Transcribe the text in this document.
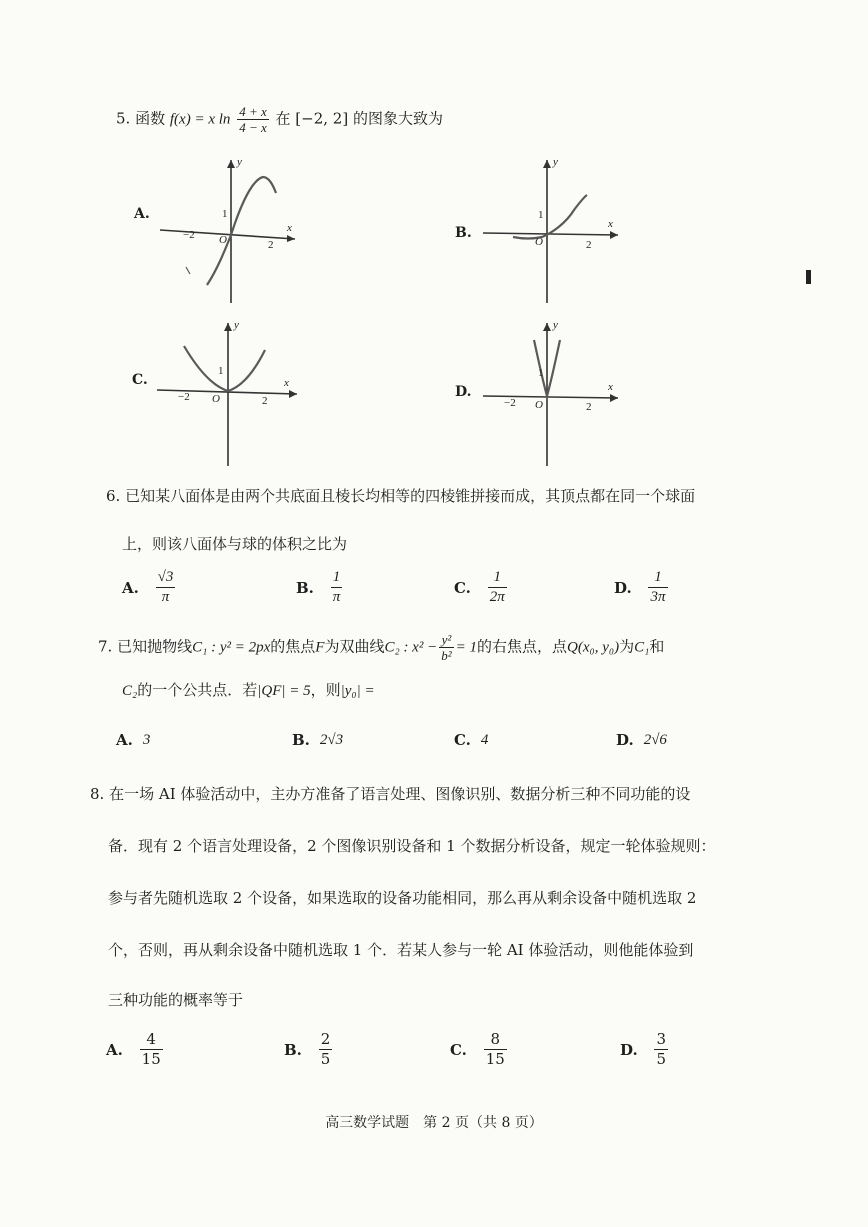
5. 函数 f(x) = x $\ln \frac{4 + x}{4 - x}$ 在 [−2, 2] 的图象大致为
A.
y
x
O
−2
2
1
B.
y
x
O	2
1
C.
y
x
O
−2	2
1
D.
y
x
O
−2	2
1
6. 已知某八面体是由两个共底面且棱长均相等的四棱锥拼接而成，其顶点都在同一个球面
上，则该八面体与球的体积之比为
A. $\frac{√3}{\pi}$	B. $\frac{1}{\pi}$	C. $\frac{1}{2\pi}$	D. $\frac{1}{3\pi}$
7. 已知抛物线C₁ : y² = 2px的焦点F为双曲线C₂ : $x^2 - \frac{\text{y²}}{\text{b²}} = 1$的右焦点，点Q(x₀, y₀)为C₁和
C₂的一个公共点．若|QF| = 5，则|y₀| =
A. 3	B. 2√3	C. 4	D. 2√6
8. 在一场 AI 体验活动中，主办方准备了语言处理、图像识别、数据分析三种不同功能的设
备．现有 2 个语言处理设备，2 个图像识别设备和 1 个数据分析设备，规定一轮体验规则：
参与者先随机选取 2 个设备，如果选取的设备功能相同，那么再从剩余设备中随机选取 2
个，否则，再从剩余设备中随机选取 1 个．若某人参与一轮 AI 体验活动，则他能体验到
三种功能的概率等于
A. $\frac{4}{15}$	B. $\frac{2}{5}$	C. $\frac{8}{15}$	D. $\frac{3}{5}$
高三数学试题　第 2 页（共 8 页）
